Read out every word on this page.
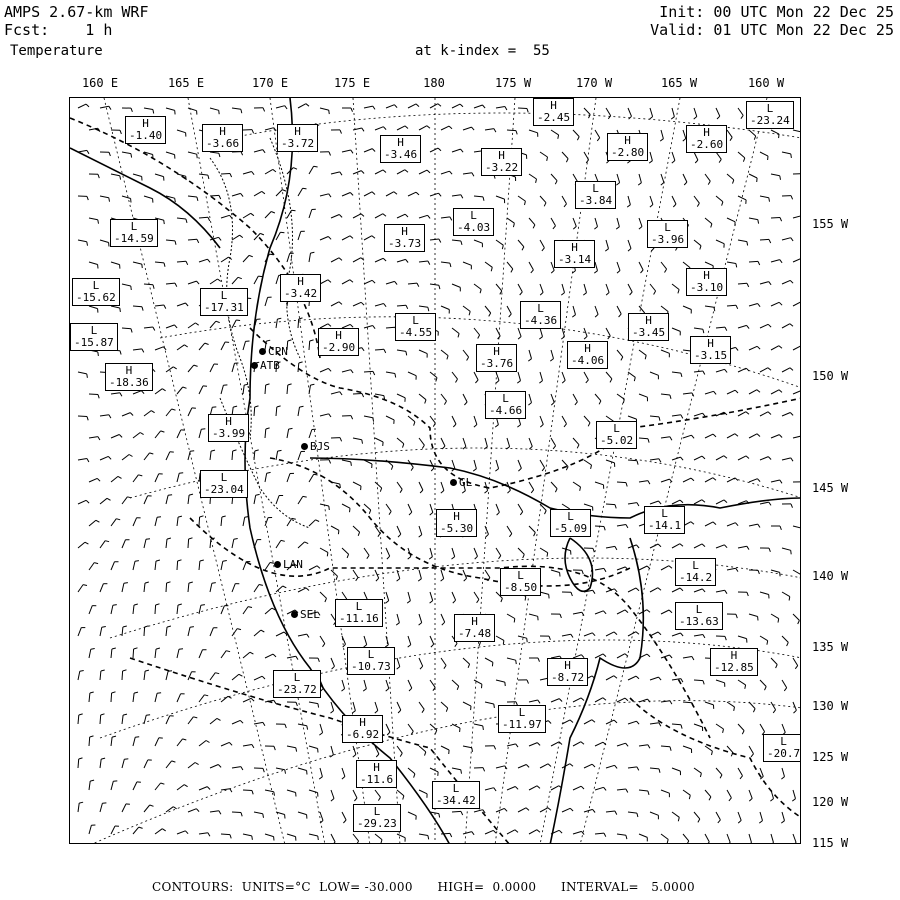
AMPS 2.67-km WRF
Fcst:    1 h
Temperature	at k-index =  55
Init: 00 UTC Mon 22 Dec 25
Valid: 01 UTC Mon 22 Dec 25
160 E	165 E	170 E	175 E	180	175 W	170 W	165 W	160 W
155 W
150 W
145 W
140 W
135 W
130 W
125 W
120 W
115 W
CPN
ATB
BJS
GL
LAN
SEL
H
-2.45
L
-23.24
H
-1.40	H
-3.66
H
-3.72	H
-3.46	H
-3.22
H
-2.80
H
-2.60
L
-3.84
L
-4.03
H
-3.73	H
-3.14
L
-3.96
L
-14.59
L
-15.62
H
-3.10
L
-17.31
H
-3.42
L
-4.55
L
-4.36	H
-3.45
L
-15.87
H
-2.90	H
-3.76
H
-4.06
H
-3.15
H
-18.36
L
-4.66
H
-3.99	L
-5.02
L
-23.04
H
-5.30
L
-5.09
L
-14.1
L
-14.2
L
-8.50
L
-11.16	H
-7.48
L
-13.63
L
-10.73	H
-8.72
H
-12.85
L
-23.72
L
-11.97
H
-6.92
H
-11.6
L
-34.42
L
-29.23
L
-20.7
CONTOURS:  UNITS=°C  LOW= -30.000      HIGH=  0.0000      INTERVAL=   5.0000
